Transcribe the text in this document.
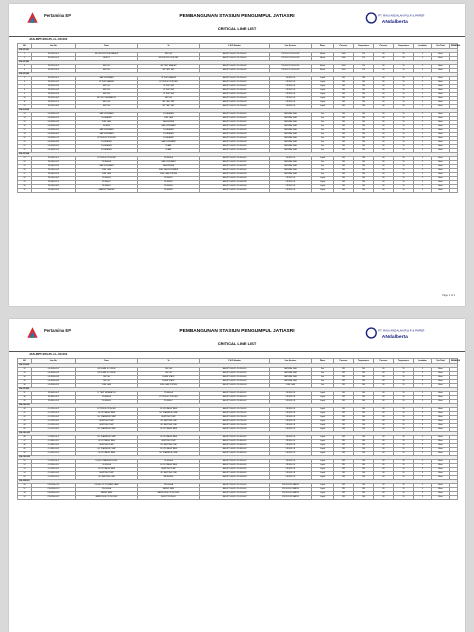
Pertamina EP	PEMBANGUNAN STASIUN PENGUMPUL JATIASRI
CRITICAL LINE LIST
PT. RIAU ANDALAN PULP & PAPER
ANdalberta
JAS-RPT-000-PL-LL-00-001
NO	Line No.	From	To	P & ID Number	Line Services	Phase	Pressure	Temperature	Pressure	Temperature	Insulation	Test Fluid	REMARKS
CSL-PF-001													
1	PF-8100-01-P	WF PRODUCTION HEADER	SEP-100	JAS-RPT-000-PL-PD-100-001	PRODUCTION FLUID	Mixed	1000	120	80	35	3	Water	
2	PF-8100-02-P	HDR-01	WF PRODUCTION SEP	JAS-RPT-000-PL-PD-100-001	PRODUCTION FLUID	Mixed	1000	120	80	35	3	Water	
CSL-PF-002													
3	PF-8101-01-P	SEP-101	WF TEST HEADER	JAS-RPT-000-PL-PD-100-002	PRODUCTION FLUID	Mixed	1000	120	80	35	3	Water	
4	PF-8101-02-P	SEP-101	WF TEST SEP	JAS-RPT-000-PL-PD-100-002	PRODUCTION FLUID	Mixed	1000	120	80	35	3	Water	
CSL-PF-003													
5	PF-8200-01-P	GAS SCRUBBER	LP TEST HEADER	JAS-RPT-000-PL-PD-200-001	CRUDE OIL	Liquid	285	180	80	35	3	Water	
6	PF-8200-02-P	LP TEST HEADER	LP PRODUCTION SEP	JAS-RPT-000-PL-PD-200-001	CRUDE OIL	Liquid	285	180	80	35	3	Water	
7	PF-8200-03-P	SEP-102	LP TEST SEP	JAS-RPT-000-PL-PD-200-001	CRUDE OIL	Liquid	285	180	80	35	3	Water	
8	PF-8200-04-P	SEP-102	LP TEST SEP	JAS-RPT-000-PL-PD-200-002	CRUDE OIL	Liquid	285	180	80	35	3	Water	
9	PF-8200-05-P	SEP-103	LP TEST SEP	JAS-RPT-000-PL-PD-200-002	CRUDE OIL	Liquid	285	180	80	35	3	Water	
10	PF-8200-06-P	MP TEST SEPARATOR	SEP-103	JAS-RPT-000-PL-PD-200-003	CRUDE OIL	Liquid	285	180	80	35	3	Water	
11	PF-8200-07-P	SEP-104	MP TEST SEP	JAS-RPT-000-PL-PD-200-003	CRUDE OIL	Liquid	285	180	80	35	3	Water	
12	PF-8200-08-P	SEP-104	MP TEST SEP	JAS-RPT-000-PL-PD-200-004	CRUDE OIL	Liquid	285	180	80	35	3	Water	
CSL-FG-001													
13	FG-8300-01-P	GAS SCRUBBER	FG HEADER	JAS-RPT-000-PL-PD-300-001	NATURAL GAS	Gas	285	180	80	35	3	Water	
14	FG-8300-02-P	FG HEADER	FUEL GAS	JAS-RPT-000-PL-PD-300-001	NATURAL GAS	Gas	285	180	80	35	3	Water	
15	FG-8300-03-P	FUEL GAS	GAS ENGINE	JAS-RPT-000-PL-PD-300-002	NATURAL GAS	Gas	285	180	80	35	3	Water	
16	FG-8300-04-P	FG-8300	GAS SCRUBBER	JAS-RPT-000-PL-PD-300-002	NATURAL GAS	Gas	285	180	80	35	3	Water	
17	FG-8300-05-P	GAS SCRUBBER	FG HEADER	JAS-RPT-000-PL-PD-300-003	NATURAL GAS	Gas	285	180	80	35	3	Water	
18	FG-8300-06-P	GAS SCRUBBER	FG HEADER	JAS-RPT-000-PL-PD-300-003	NATURAL GAS	Gas	285	180	80	35	3	Water	
19	FG-8300-07-P	LP PRODUCTION SEP	FG HEADER	JAS-RPT-000-PL-PD-300-004	NATURAL GAS	Gas	285	180	80	35	3	Water	
20	FG-8300-08-P	FG HEADER	GAS SCRUBBER	JAS-RPT-000-PL-PD-300-004	NATURAL GAS	Gas	285	180	80	35	3	Water	
21	FG-8300-09-P	FG HEADER	FLARE	JAS-RPT-000-PL-PD-300-005	NATURAL GAS	Gas	285	180	80	35	3	Water	
22	FG-8300-10-P	FG HEADER	FLARE	JAS-RPT-000-PL-PD-300-005	NATURAL GAS	Gas	285	180	80	35	3	Water	
CSL-PF-004													
23	PF-8400-01-P	LP PRODUCTION SEP	PF-8400-A	JAS-RPT-000-PL-PD-400-001	CRUDE OIL	Liquid	285	180	80	35	3	Water	
24	PF-8400-02-P	PF-8400-A	GAS SCRUBBER	JAS-RPT-000-PL-PD-400-001	NATURAL GAS	Gas	285	180	80	35	3	Water	
25	PF-8400-03-P	GAS SCRUBBER	GAS ENGINE	JAS-RPT-000-PL-PD-400-002	NATURAL GAS	Gas	285	180	80	35	3	Water	
26	PF-8400-04-P	FUEL GAS	FUEL GAS SCRUBBER	JAS-RPT-000-PL-PD-400-002	NATURAL GAS	Gas	285	180	80	35	3	Water	
27	PF-8400-05-P	FUEL GAS	FUEL GAS SYSTEM	JAS-RPT-000-PL-PD-400-003	NATURAL GAS	Gas	285	180	80	35	3	Water	
28	PF-8400-06-P	PF-8400-B	PF-8400-C	JAS-RPT-000-PL-PD-400-003	CRUDE OIL	Liquid	285	180	80	35	3	Water	
29	PF-8400-07-P	PF-8400-C	PF-8400-D	JAS-RPT-000-PL-PD-400-004	CRUDE OIL	Liquid	285	180	80	35	3	Water	
30	PF-8400-08-P	PF-8400-D	PF-8400-E	JAS-RPT-000-PL-PD-400-004	CRUDE OIL	Liquid	285	180	80	35	3	Water	
31	PF-8400-09-P	HEATER TREATER	PF-8400-E	JAS-RPT-000-PL-PD-400-005	CRUDE OIL	Liquid	285	180	80	35	3	Water	
Page 1 of 2
Pertamina EP	PEMBANGUNAN STASIUN PENGUMPUL JATIASRI
CRITICAL LINE LIST
PT. RIAU ANDALAN PULP & PAPER
ANdalberta
JAS-RPT-000-PL-LL-00-001
NO	Line No.	From	To	P & ID Number	Line Services	Phase	Pressure	Temperature	Pressure	Temperature	Insulation	Test Fluid	REMARKS
CSL-FG-002													
32	FG-8500-01-P	HP FLARE KO DRUM	SEC-1A	JAS-RPT-000-PL-PD-500-001	NATURAL GAS	Gas	285	180	80	35	3	Water	
33	FG-8500-02-P	HP FLARE KO DRUM	SEC-1B	JAS-RPT-000-PL-PD-500-001	NATURAL GAS	Gas	285	180	80	35	3	Water	
34	FG-8500-03-P	SEC-1A	FLARE STACK	JAS-RPT-000-PL-PD-500-002	NATURAL GAS	Gas	285	180	80	35	3	Water	
35	FG-8500-04-P	SEC-1B	FLARE STACK	JAS-RPT-000-PL-PD-500-002	NATURAL GAS	Gas	285	180	80	35	3	Water	
36	FG-8500-05-P	FUEL GAS	FUEL GAS SYSTEM	JAS-RPT-000-PL-PD-500-003	FUEL GAS	Gas	285	180	80	35	3	Water	
CSL-PF-005													
37	PF-8600-01-P	LT TEST SEPARATOR	PF-8600-A	JAS-RPT-000-PL-PD-600-001	CRUDE OIL	Liquid	285	180	80	35	3	Water	
38	PF-8600-02-P	PF-8600-A	LP PRODUCTION SEP	JAS-RPT-000-PL-PD-600-001	CRUDE OIL	Liquid	285	180	80	35	3	Water	
39	PF-8600-03-P	PF-8600-B	PF-8600-C	JAS-RPT-000-PL-PD-600-002	CRUDE OIL	Liquid	285	180	80	35	3	Water	
CSL-OIL-001													
40	OL-8700-01-P	LP PRODUCTION SEP	OIL STORAGE TANK	JAS-RPT-000-PL-PD-700-001	CRUDE OIL	Liquid	285	180	80	35	3	Water	
41	OL-8700-02-P	OIL STORAGE TANK	OIL TRANSFER PUMP	JAS-RPT-000-PL-PD-700-001	CRUDE OIL	Liquid	285	180	80	35	3	Water	
42	OL-8700-03-P	OIL TRANSFER PUMP	SHIPPING PUMP	JAS-RPT-000-PL-PD-700-002	CRUDE OIL	Liquid	285	180	80	35	3	Water	
43	OL-8700-04-P	SHIPPING PUMP	OIL SHIPPING LINE	JAS-RPT-000-PL-PD-700-002	CRUDE OIL	Liquid	285	180	80	35	3	Water	
44	OL-8700-05-P	SHIPPING PUMP	OIL SHIPPING LINE	JAS-RPT-000-PL-PD-700-003	CRUDE OIL	Liquid	285	180	80	35	3	Water	
45	OL-8700-06-P	OIL TRANSFER PUMP	OIL STORAGE TANK	JAS-RPT-000-PL-PD-700-003	CRUDE OIL	Liquid	285	180	80	35	3	Water	
CSL-OIL-002													
46	OL-8800-01-P	OIL TRANSFER PUMP	OIL STORAGE TANK	JAS-RPT-000-PL-PD-800-001	CRUDE OIL	Liquid	285	180	80	35	3	Water	
47	OL-8800-02-P	OIL STORAGE TANK	SHIPPING PUMP	JAS-RPT-000-PL-PD-800-001	CRUDE OIL	Liquid	285	180	80	35	3	Water	
48	OL-8800-03-P	SHIPPING PUMP	OIL SHIPPING LINE	JAS-RPT-000-PL-PD-800-002	CRUDE OIL	Liquid	285	180	80	35	3	Water	
49	OL-8800-04-P	OIL TRANSFER PUMP	OIL STORAGE TANK	JAS-RPT-000-PL-PD-800-002	CRUDE OIL	Liquid	285	180	80	35	3	Water	
50	OL-8800-05-P	OIL STORAGE TANK	OIL TRANSFER PUMP	JAS-RPT-000-PL-PD-800-003	CRUDE OIL	Liquid	285	180	80	35	3	Water	
CSL-OIL-003													
51	OL-8900-01-P	LIQUID TRANSFER PUMP	OL-8900-A	JAS-RPT-000-PL-PD-900-001	CRUDE OIL	Liquid	285	180	80	35	3	Water	
52	OL-8900-02-P	OL-8900-A	OIL STORAGE TANK	JAS-RPT-000-PL-PD-900-001	CRUDE OIL	Liquid	285	180	80	35	3	Water	
53	OL-8900-03-P	OIL STORAGE TANK	SHIPPING PUMP	JAS-RPT-000-PL-PD-900-002	CRUDE OIL	Liquid	285	180	80	35	3	Water	
54	OL-8900-04-P	SHIPPING PUMP	OIL SHIPPING LINE	JAS-RPT-000-PL-PD-900-002	CRUDE OIL	Liquid	285	180	80	35	3	Water	
55	OL-8900-05-P	OIL SHIPPING LINE	METERING	JAS-RPT-000-PL-PD-900-003	CRUDE OIL	Liquid	285	180	80	35	3	Water	
CSL-PW-001													
56	PW-9000-01-P	CRUDE OIL STORAGE TANK	PW-9000-A	JAS-RPT-000-PL-PD-910-001	PRODUCED WATER	Liquid	285	180	80	35	3	Water	
57	PW-9000-02-P	PW-9000-A	WATER TANK	JAS-RPT-000-PL-PD-910-001	PRODUCED WATER	Liquid	285	180	80	35	3	Water	
58	PW-9000-03-P	WATER TANK	WATER INJECTION PUMP	JAS-RPT-000-PL-PD-910-002	PRODUCED WATER	Liquid	285	180	80	35	3	Water	
59	PW-9000-04-P	WATER INJECTION PUMP	INJECTION WELL	JAS-RPT-000-PL-PD-910-002	PRODUCED WATER	Liquid	285	180	80	35	3	Water	
